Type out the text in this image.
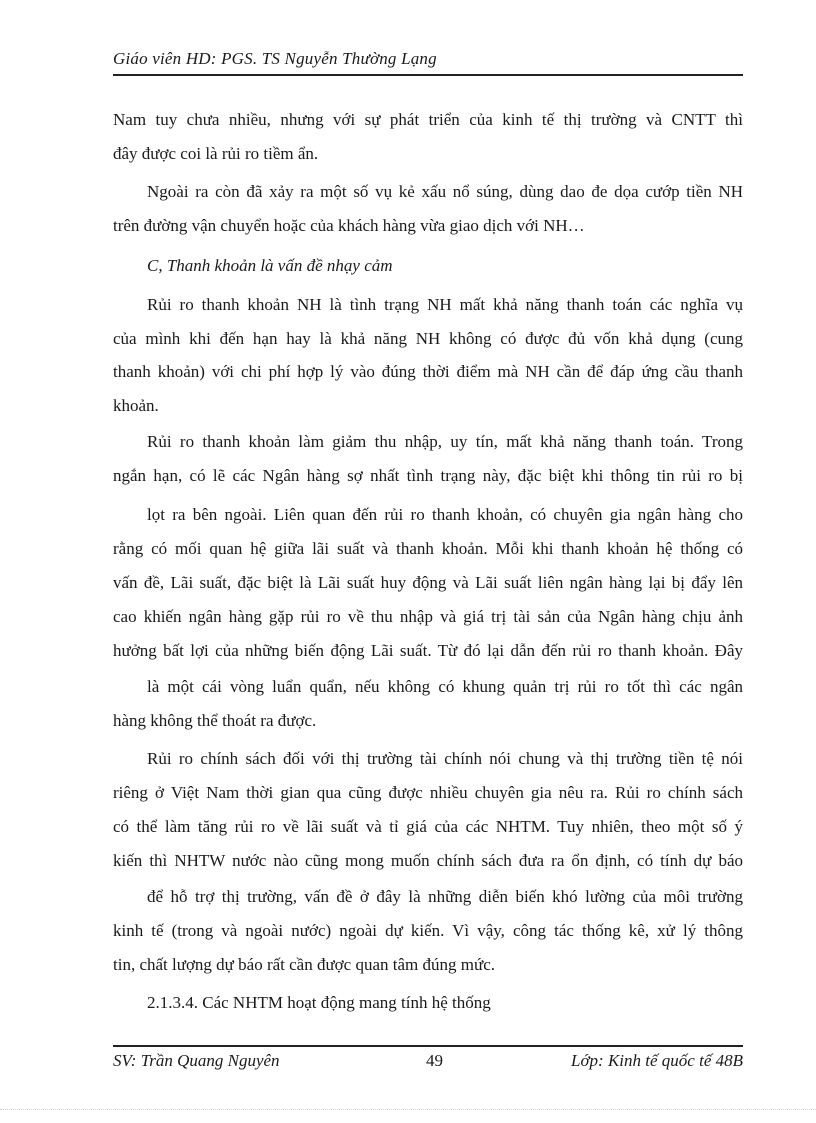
Giáo viên HD: PGS. TS Nguyễn Thường Lạng
Nam tuy chưa nhiều, nhưng với sự phát triển của kinh tế thị trường và CNTT thì
đây được coi là rủi ro tiềm ẩn.
Ngoài ra còn đã xảy ra một số vụ kẻ xấu nổ súng, dùng dao đe dọa cướp tiền NH
trên đường vận chuyển hoặc của khách hàng vừa giao dịch với NH…
C, Thanh khoản là vấn đề nhạy cảm
Rủi ro thanh khoản NH là tình trạng NH mất khả năng thanh toán các nghĩa vụ
của mình khi đến hạn hay là khả năng NH không có được đủ vốn khả dụng (cung
thanh khoản) với chi phí hợp lý vào đúng thời điểm mà NH cần để đáp ứng cầu thanh
khoản.
Rủi ro thanh khoản làm giảm thu nhập, uy tín, mất khả năng thanh toán. Trong
ngắn hạn, có lẽ các Ngân hàng sợ nhất tình trạng này, đặc biệt khi thông tin rủi ro bị
lọt ra bên ngoài. Liên quan đến rủi ro thanh khoản, có chuyên gia ngân hàng cho
rằng có mối quan hệ giữa lãi suất và thanh khoản. Mỗi khi thanh khoản hệ thống có
vấn đề, Lãi suất, đặc biệt là Lãi suất huy động và Lãi suất liên ngân hàng lại bị đẩy lên
cao khiến ngân hàng gặp rủi ro về thu nhập và giá trị tài sản của Ngân hàng chịu ảnh
hưởng bất lợi của những biến động Lãi suất. Từ đó lại dẫn đến rủi ro thanh khoản. Đây
là một cái vòng luẩn quẩn, nếu không có khung quản trị rủi ro tốt thì các ngân
hàng không thể thoát ra được.
Rủi ro chính sách đối với thị trường tài chính nói chung và thị trường tiền tệ nói
riêng ở Việt Nam thời gian qua cũng được nhiều chuyên gia nêu ra. Rủi ro chính sách
có thể làm tăng rủi ro về lãi suất và tỉ giá của các NHTM. Tuy nhiên, theo một số ý
kiến thì NHTW nước nào cũng mong muốn chính sách đưa ra ổn định, có tính dự báo
để hỗ trợ thị trường, vấn đề ở đây là những diễn biến khó lường của môi trường
kinh tế (trong và ngoài nước) ngoài dự kiến. Vì vậy, công tác thống kê, xử lý thông
tin, chất lượng dự báo rất cần được quan tâm đúng mức.
2.1.3.4. Các NHTM hoạt động mang tính hệ thống
SV: Trần Quang Nguyên	49	Lớp: Kinh tế quốc tế 48B
